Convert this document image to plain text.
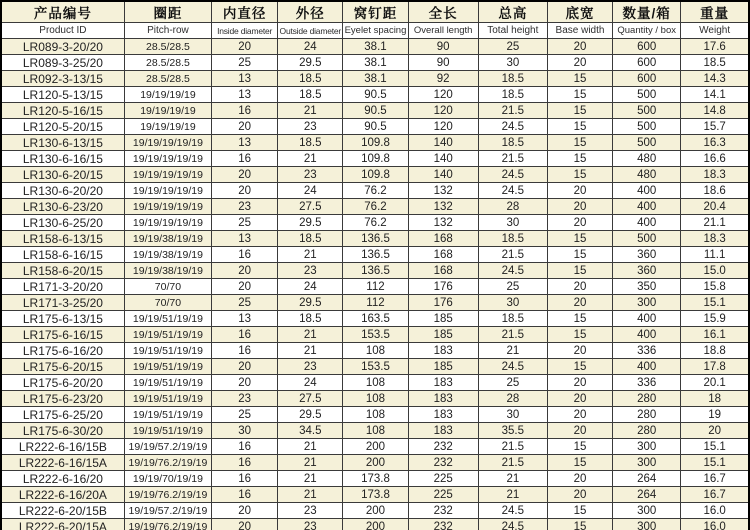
产品编号	圈距	内直径	外径	窝钉距	全长	总高	底宽	数量/箱	重量
Product ID	Pitch-row	Inside diameter	Outside diameter	Eyelet spacing	Overall length	Total height	Base width	Quantity / box	Weight
LR089-3-20/20	28.5/28.5	20	24	38.1	90	25	20	600	17.6
LR089-3-25/20	28.5/28.5	25	29.5	38.1	90	30	20	600	18.5
LR092-3-13/15	28.5/28.5	13	18.5	38.1	92	18.5	15	600	14.3
LR120-5-13/15	19/19/19/19	13	18.5	90.5	120	18.5	15	500	14.1
LR120-5-16/15	19/19/19/19	16	21	90.5	120	21.5	15	500	14.8
LR120-5-20/15	19/19/19/19	20	23	90.5	120	24.5	15	500	15.7
LR130-6-13/15	19/19/19/19/19	13	18.5	109.8	140	18.5	15	500	16.3
LR130-6-16/15	19/19/19/19/19	16	21	109.8	140	21.5	15	480	16.6
LR130-6-20/15	19/19/19/19/19	20	23	109.8	140	24.5	15	480	18.3
LR130-6-20/20	19/19/19/19/19	20	24	76.2	132	24.5	20	400	18.6
LR130-6-23/20	19/19/19/19/19	23	27.5	76.2	132	28	20	400	20.4
LR130-6-25/20	19/19/19/19/19	25	29.5	76.2	132	30	20	400	21.1
LR158-6-13/15	19/19/38/19/19	13	18.5	136.5	168	18.5	15	500	18.3
LR158-6-16/15	19/19/38/19/19	16	21	136.5	168	21.5	15	360	11.1
LR158-6-20/15	19/19/38/19/19	20	23	136.5	168	24.5	15	360	15.0
LR171-3-20/20	70/70	20	24	112	176	25	20	350	15.8
LR171-3-25/20	70/70	25	29.5	112	176	30	20	300	15.1
LR175-6-13/15	19/19/51/19/19	13	18.5	163.5	185	18.5	15	400	15.9
LR175-6-16/15	19/19/51/19/19	16	21	153.5	185	21.5	15	400	16.1
LR175-6-16/20	19/19/51/19/19	16	21	108	183	21	20	336	18.8
LR175-6-20/15	19/19/51/19/19	20	23	153.5	185	24.5	15	400	17.8
LR175-6-20/20	19/19/51/19/19	20	24	108	183	25	20	336	20.1
LR175-6-23/20	19/19/51/19/19	23	27.5	108	183	28	20	280	18
LR175-6-25/20	19/19/51/19/19	25	29.5	108	183	30	20	280	19
LR175-6-30/20	19/19/51/19/19	30	34.5	108	183	35.5	20	280	20
LR222-6-16/15B	19/19/57.2/19/19	16	21	200	232	21.5	15	300	15.1
LR222-6-16/15A	19/19/76.2/19/19	16	21	200	232	21.5	15	300	15.1
LR222-6-16/20	19/19/70/19/19	16	21	173.8	225	21	20	264	16.7
LR222-6-16/20A	19/19/76.2/19/19	16	21	173.8	225	21	20	264	16.7
LR222-6-20/15B	19/19/57.2/19/19	20	23	200	232	24.5	15	300	16.0
LR222-6-20/15A	19/19/76.2/19/19	20	23	200	232	24.5	15	300	16.0
